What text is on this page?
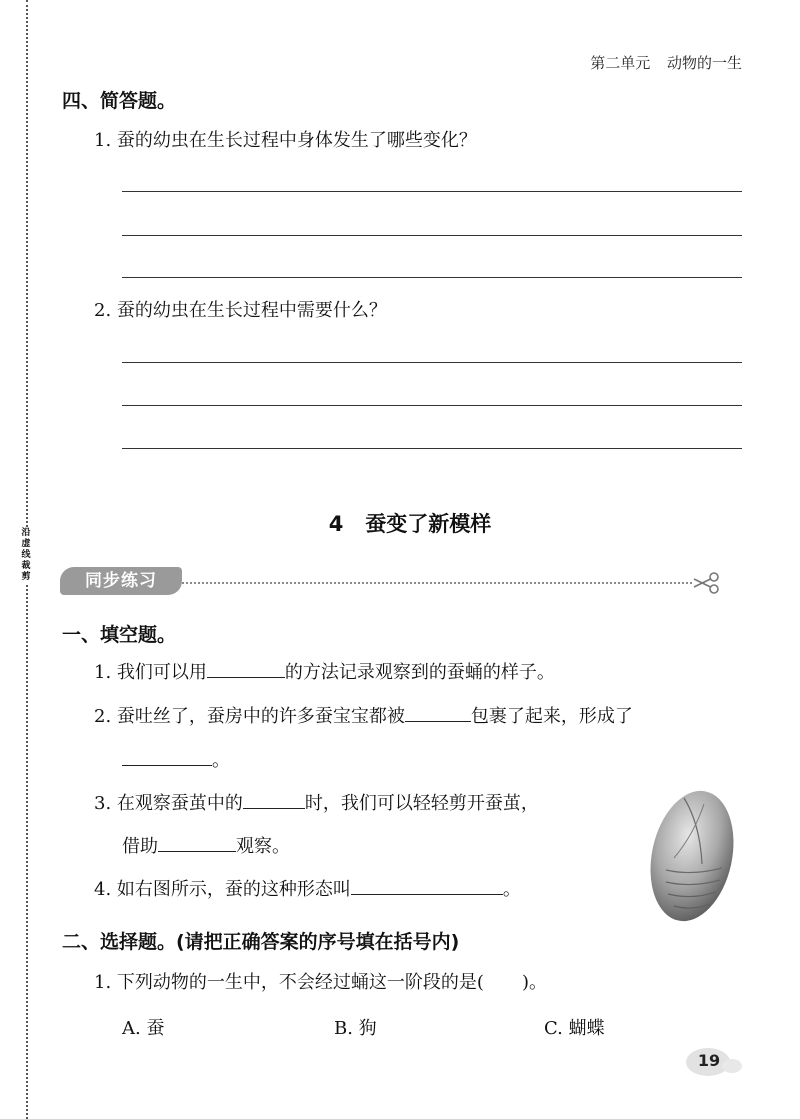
沿虚线裁剪
第二单元 动物的一生
四、简答题。
1. 蚕的幼虫在生长过程中身体发生了哪些变化？
2. 蚕的幼虫在生长过程中需要什么？
4 蚕变了新模样
同步练习
一、填空题。
1. 我们可以用	的方法记录观察到的蚕蛹的样子。
2. 蚕吐丝了，蚕房中的许多蚕宝宝都被	包裹了起来，形成了
。
3. 在观察蚕茧中的	时，我们可以轻轻剪开蚕茧，
借助	观察。
4. 如右图所示，蚕的这种形态叫	。
二、选择题。(请把正确答案的序号填在括号内)
1. 下列动物的一生中，不会经过蛹这一阶段的是( )。
A. 蚕	B. 狗	C. 蝴蝶
19
